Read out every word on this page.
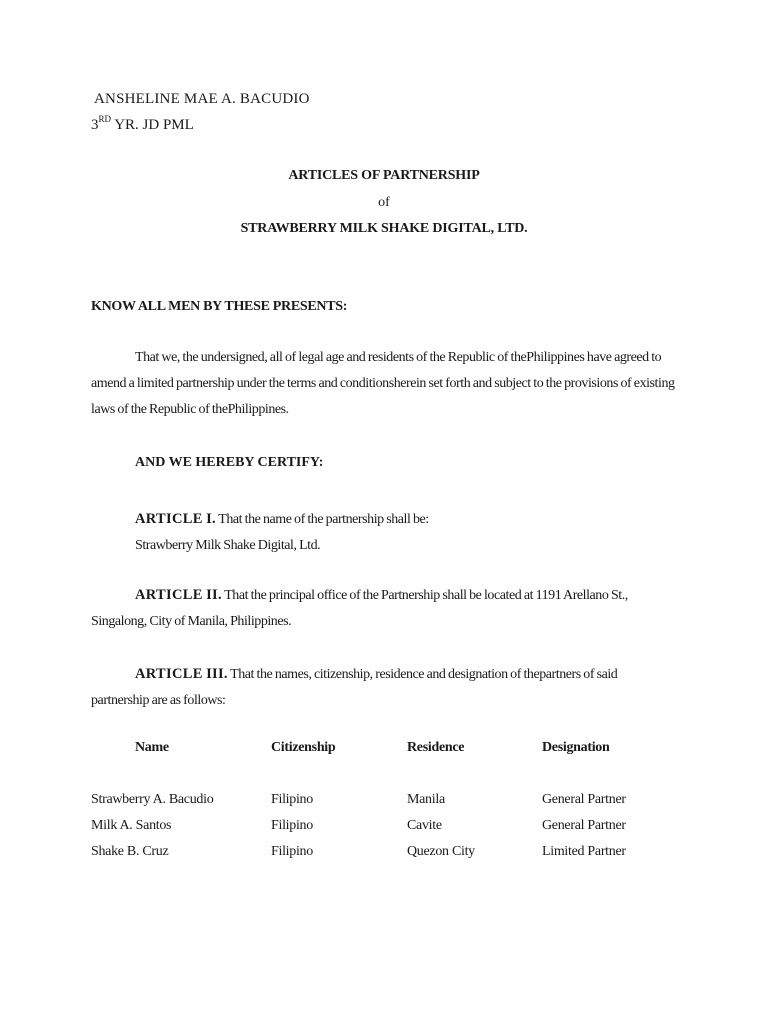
ANSHELINE MAE A. BACUDIO
3RD YR. JD PML
ARTICLES OF PARTNERSHIP
of
STRAWBERRY MILK SHAKE DIGITAL, LTD.
KNOW ALL MEN BY THESE PRESENTS:
That we, the undersigned, all of legal age and residents of the Republic of thePhilippines have agreed to
amend a limited partnership under the terms and conditionsherein set forth and subject to the provisions of existing
laws of the Republic of thePhilippines.
AND WE HEREBY CERTIFY:
ARTICLE I. That the name of the partnership shall be:
Strawberry Milk Shake Digital, Ltd.
ARTICLE II. That the principal office of the Partnership shall be located at 1191 Arellano St.,
Singalong, City of Manila, Philippines.
ARTICLE III. That the names, citizenship, residence and designation of thepartners of said
partnership are as follows:
Name	Citizenship	Residence	Designation
Strawberry A. Bacudio	Filipino	Manila	General Partner
Milk A. Santos	Filipino	Cavite	General Partner
Shake B. Cruz	Filipino	Quezon City	Limited Partner
